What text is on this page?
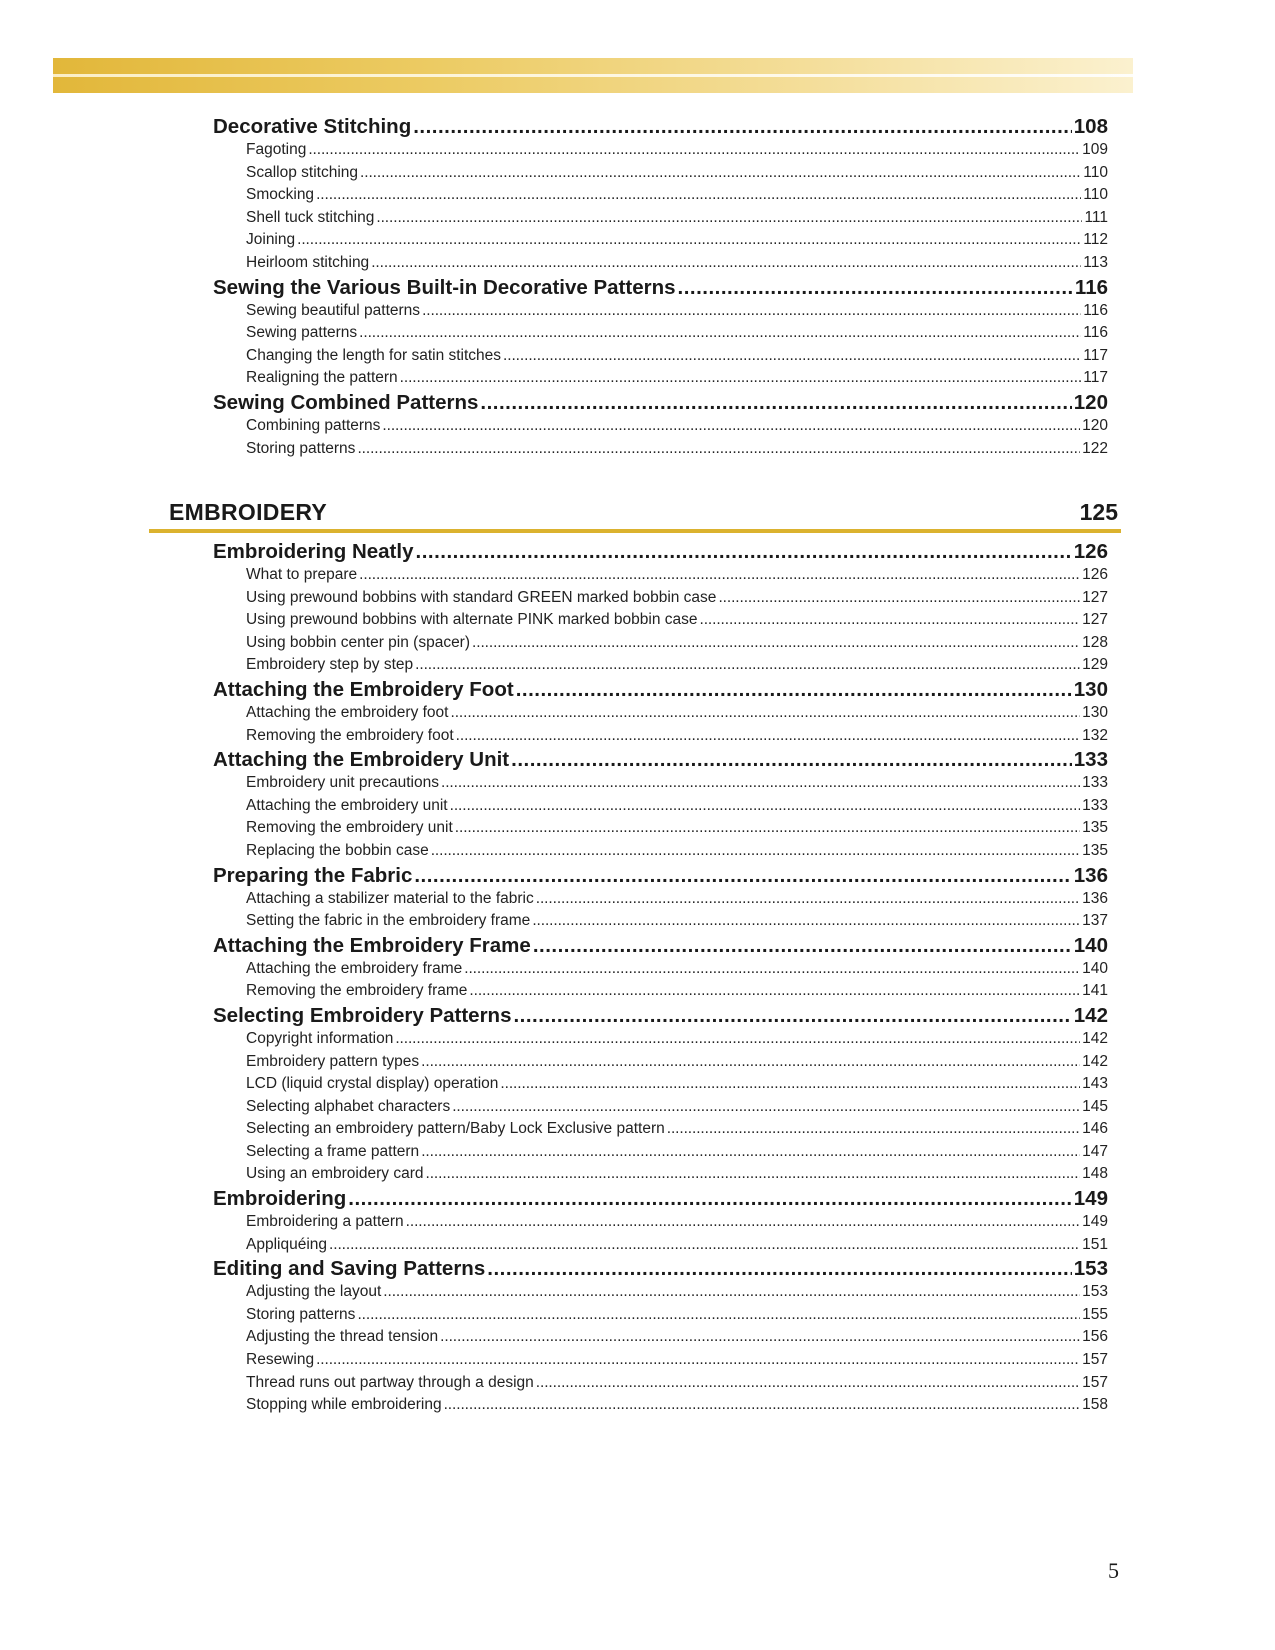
Decorative Stitching . . .	108
Fagoting . . .	109
Scallop stitching . . .	110
Smocking . . .	110
Shell tuck stitching . . .	111
Joining . . .	112
Heirloom stitching . . .	113
Sewing the Various Built-in Decorative Patterns . . .	116
Sewing beautiful patterns . . .	116
Sewing patterns . . .	116
Changing the length for satin stitches . . .	117
Realigning the pattern . . .	117
Sewing Combined Patterns . . .	120
Combining patterns . . .	120
Storing patterns . . .	122
EMBROIDERY	125
Embroidering Neatly . . .	126
What to prepare . . .	126
Using prewound bobbins with standard GREEN marked bobbin case . . .	127
Using prewound bobbins with alternate PINK marked bobbin case . . .	127
Using bobbin center pin (spacer) . . .	128
Embroidery step by step . . .	129
Attaching the Embroidery Foot . . .	130
Attaching the embroidery foot . . .	130
Removing the embroidery foot . . .	132
Attaching the Embroidery Unit . . .	133
Embroidery unit precautions . . .	133
Attaching the embroidery unit . . .	133
Removing the embroidery unit . . .	135
Replacing the bobbin case . . .	135
Preparing the Fabric . . .	136
Attaching a stabilizer material to the fabric . . .	136
Setting the fabric in the embroidery frame . . .	137
Attaching the Embroidery Frame . . .	140
Attaching the embroidery frame . . .	140
Removing the embroidery frame . . .	141
Selecting Embroidery Patterns . . .	142
Copyright information . . .	142
Embroidery pattern types . . .	142
LCD (liquid crystal display) operation . . .	143
Selecting alphabet characters . . .	145
Selecting an embroidery pattern/Baby Lock Exclusive pattern . . .	146
Selecting a frame pattern . . .	147
Using an embroidery card . . .	148
Embroidering . . .	149
Embroidering a pattern . . .	149
Appliquéing . . .	151
Editing and Saving Patterns . . .	153
Adjusting the layout . . .	153
Storing patterns . . .	155
Adjusting the thread tension . . .	156
Resewing . . .	157
Thread runs out partway through a design . . .	157
Stopping while embroidering . . .	158
5
